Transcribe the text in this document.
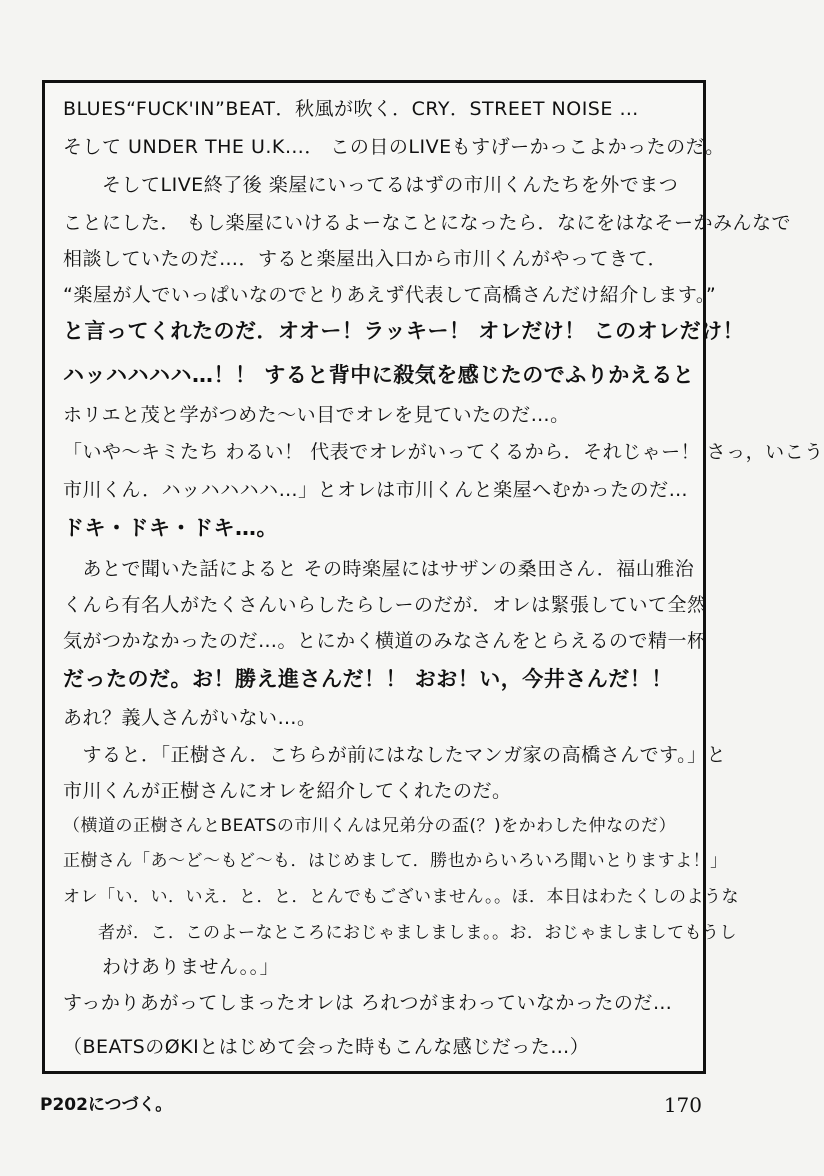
BLUES“FUCK'IN”BEAT．秋風が吹く．CRY．STREET NOISE …
そして UNDER THE U.K…． この日のLIVEもすげーかっこよかったのだ。
　　そしてLIVE終了後 楽屋にいってるはずの市川くんたちを外でまつ
ことにした． もし楽屋にいけるよーなことになったら．なにをはなそーかみんなで
相談していたのだ…．すると楽屋出入口から市川くんがやってきて．
“楽屋が人でいっぱいなのでとりあえず代表して高橋さんだけ紹介します。”
と言ってくれたのだ．オオー！ラッキー！ オレだけ！ このオレだけ！
ハッハハハハ…！！ すると背中に殺気を感じたのでふりかえると
ホリエと茂と学がつめた〜い目でオレを見ていたのだ…。
「いや〜キミたち わるい！ 代表でオレがいってくるから．それじゃー！ さっ，いこう
市川くん．ハッハハハハ…」とオレは市川くんと楽屋へむかったのだ…
ドキ・ドキ・ドキ…。
　あとで聞いた話によると その時楽屋にはサザンの桑田さん．福山雅治
くんら有名人がたくさんいらしたらしーのだが．オレは緊張していて全然
気がつかなかったのだ…。とにかく横道のみなさんをとらえるので精一杯
だったのだ。お！勝え進さんだ！！ おお！い，今井さんだ！！
あれ？義人さんがいない…。
　すると．「正樹さん．こちらが前にはなしたマンガ家の高橋さんです。」と
市川くんが正樹さんにオレを紹介してくれたのだ。
（横道の正樹さんとBEATSの市川くんは兄弟分の盃(？)をかわした仲なのだ）
正樹さん「あ〜ど〜もど〜も．はじめまして．勝也からいろいろ聞いとりますよ！」
オレ「い．い．いえ．と．と．とんでもございません。。ほ．本日はわたくしのような
　　者が．こ．このよーなところにおじゃましましま。。お．おじゃましましてもうし
　　わけありません。。」
すっかりあがってしまったオレは ろれつがまわっていなかったのだ…
（BEATSのØKIとはじめて会った時もこんな感じだった…）
P202につづく。	170
